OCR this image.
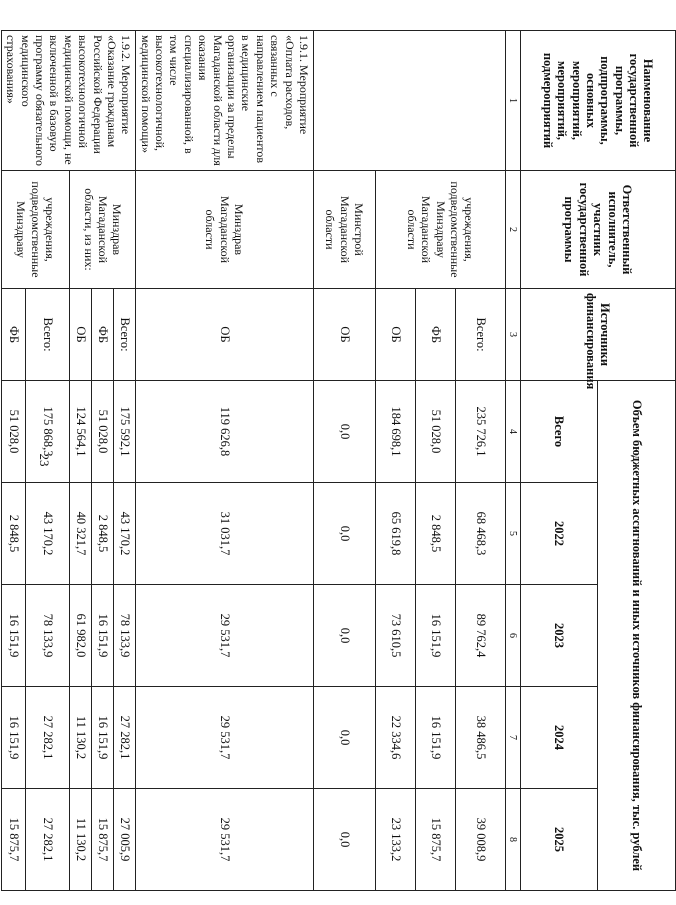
23
Наименование государственной программы, подпрограммы, основных мероприятий, мероприятий, подмероприятий	Ответственный исполнитель, участник государственной программы	Источники финансирования	Объем бюджетных ассигнований и иных источников финансирования, тыс. рублей				
			Всего	2022	2023	2024	2025
1	2	3	4	5	6	7	8
	учреждения, подведомственные Минздраву Магаданской области	Всего:	235 726,1	68 468,3	89 762,4	38 486,5	39 008,9
		ФБ	51 028,0	2 848,5	16 151,9	16 151,9	15 875,7
		ОБ	184 698,1	65 619,8	73 610,5	22 334,6	23 133,2
	Минстрой Магаданской области	ОБ	0,0	0,0	0,0	0,0	0,0
1.9.1. Мероприятие «Оплата расходов, связанных с направлением пациентов в медицинские организации за пределы Магаданской области для оказания специализированной, в том числе высокотехнологичной, медицинской помощи»	Минздрав Магаданской области	ОБ	119 626,8	31 031,7	29 531,7	29 531,7	29 531,7
1.9.2. Мероприятие «Оказание гражданам Российской Федерации высокотехнологичной медицинской помощи, не включенной в базовую программу обязательного медицинского страхования»	Минздрав Магаданской области, из них:	Всего:	175 592,1	43 170,2	78 133,9	27 282,1	27 005,9
		ФБ	51 028,0	2 848,5	16 151,9	16 151,9	15 875,7
		ОБ	124 564,1	40 321,7	61 982,0	11 130,2	11 130,2
	учреждения, подведомственные Минздраву	Всего:	175 868,3	43 170,2	78 133,9	27 282,1	27 282,1
		ФБ	51 028,0	2 848,5	16 151,9	16 151,9	15 875,7
